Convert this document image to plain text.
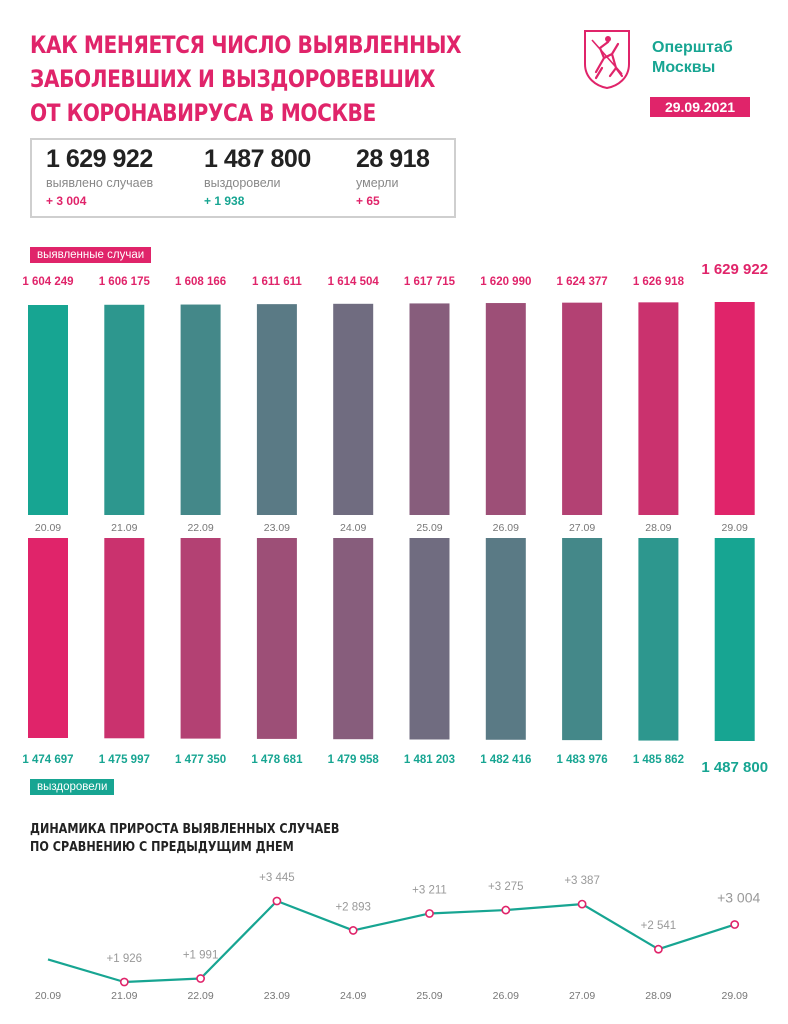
КАК МЕНЯЕТСЯ ЧИСЛО ВЫЯВЛЕННЫХ
ЗАБОЛЕВШИХ И ВЫЗДОРОВЕВШИХ
ОТ КОРОНАВИРУСА В МОСКВЕ
Оперштаб
Москвы
29.09.2021
1 629 922
выявлено случаев
+ 3 004
1 487 800
выздоровели
+ 1 938
28 918
умерли
+ 65
выявленные случаи
выздоровели
ДИНАМИКА ПРИРОСТА ВЫЯВЛЕННЫХ СЛУЧАЕВ
ПО СРАВНЕНИЮ С ПРЕДЫДУЩИМ ДНЕМ
1 604 249
20.09
1 606 175
21.09
1 608 166
22.09
1 611 611
23.09
1 614 504
24.09
1 617 715
25.09
1 620 990
26.09
1 624 377
27.09
1 626 918
28.09
1 629 922
29.09
1 474 697 1 475 997 1 477 350 1 478 681 1 479 958 1 481 203 1 482 416 1 483 976 1 485 862 1 487 800
20.09
+1 926
21.09
+1 991
22.09
+3 445
23.09
+2 893
24.09
+3 211
25.09
+3 275
26.09
+3 387
27.09
+2 541
28.09
+3 004
29.09
